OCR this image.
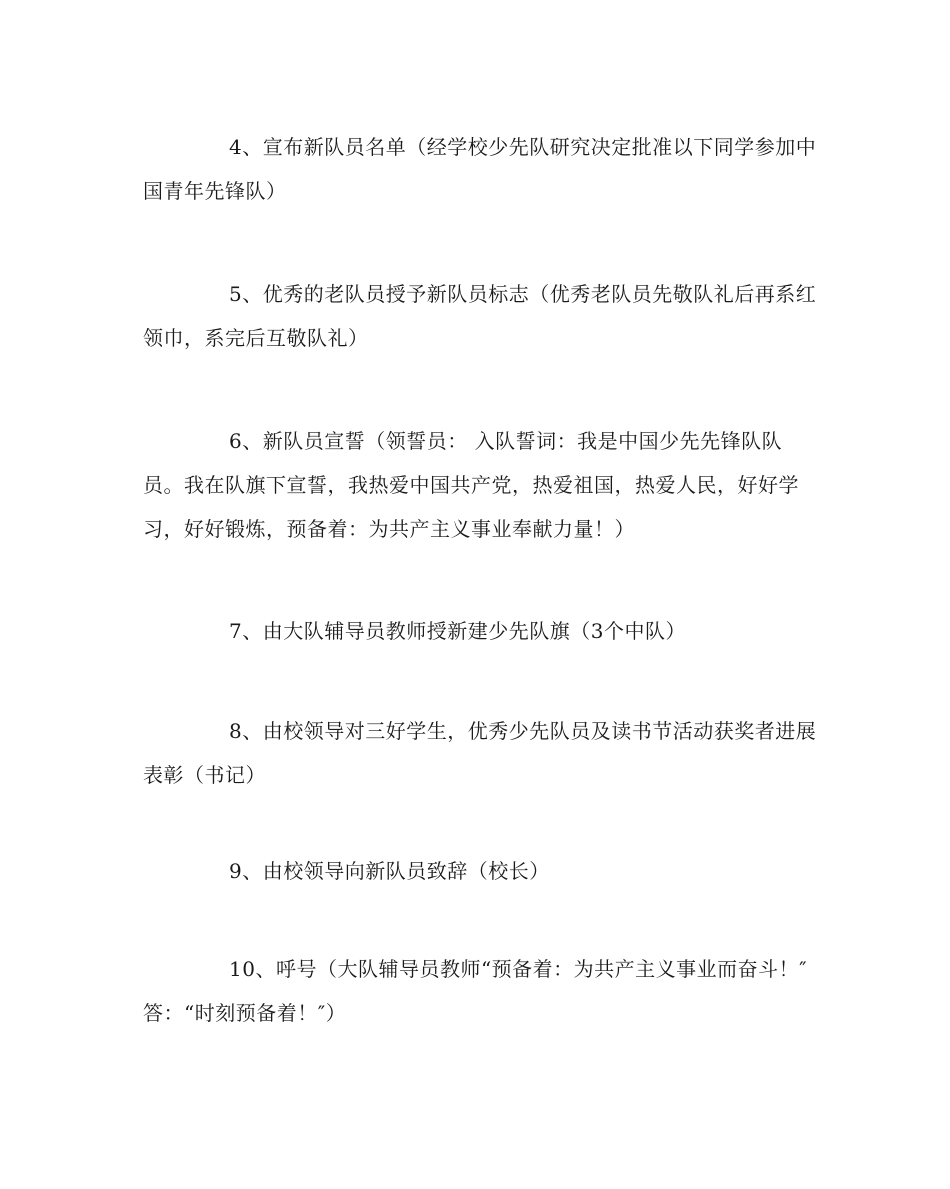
4、宣布新队员名单（经学校少先队研究决定批准以下同学参加中国青年先锋队）

5、优秀的老队员授予新队员标志（优秀老队员先敬队礼后再系红领巾，系完后互敬队礼）

6、新队员宣誓（领誓员： 入队誓词：我是中国少先先锋队队员。我在队旗下宣誓，我热爱中国共产党，热爱祖国，热爱人民，好好学习，好好锻炼，预备着：为共产主义事业奉献力量！）

7、由大队辅导员教师授新建少先队旗（3个中队）

8、由校领导对三好学生，优秀少先队员及读书节活动获奖者进展表彰（书记）

9、由校领导向新队员致辞（校长）

10、呼号（大队辅导员教师“预备着：为共产主义事业而奋斗！″答：“时刻预备着！″）
